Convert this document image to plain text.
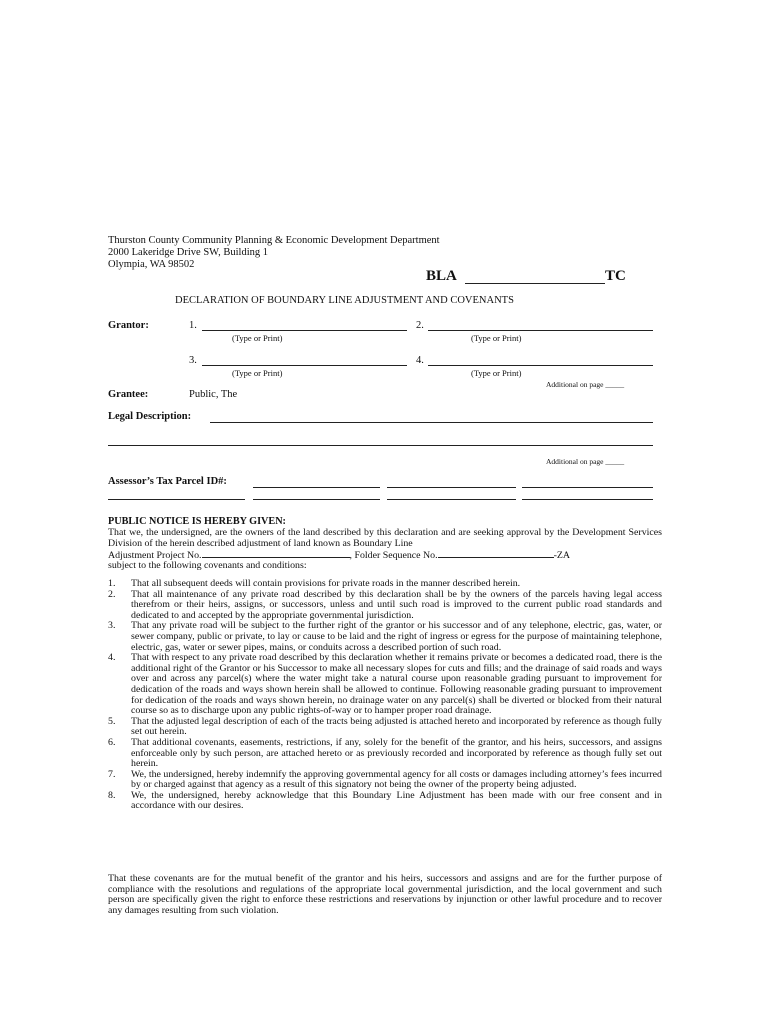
Thurston County Community Planning & Economic Development Department
2000 Lakeridge Drive SW, Building 1
Olympia, WA 98502
BLA	TC
DECLARATION OF BOUNDARY LINE ADJUSTMENT AND COVENANTS
Grantor:	1.
(Type or Print)
2.
(Type or Print)
3.
(Type or Print)
4.
(Type or Print)
Additional on page _____
Grantee:	Public, The
Legal Description:
Additional on page _____
Assessor’s Tax Parcel ID#:
PUBLIC NOTICE IS HEREBY GIVEN:

That we, the undersigned, are the owners of the land described by this declaration and are seeking approval by the Development Services Division of the herein described adjustment of land known as Boundary Line

Adjustment Project No.	, Folder Sequence No.	-ZA
subject to the following covenants and conditions:
1. That all subsequent deeds will contain provisions for private roads in the manner described herein.
2. That all maintenance of any private road described by this declaration shall be by the owners of the parcels having legal access therefrom or their heirs, assigns, or successors, unless and until such road is improved to the current public road standards and dedicated to and accepted by the appropriate governmental jurisdiction.
3. That any private road will be subject to the further right of the grantor or his successor and of any telephone, electric, gas, water, or sewer company, public or private, to lay or cause to be laid and the right of ingress or egress for the purpose of maintaining telephone, electric, gas, water or sewer pipes, mains, or conduits across a described portion of such road.
4. That with respect to any private road described by this declaration whether it remains private or becomes a dedicated road, there is the additional right of the Grantor or his Successor to make all necessary slopes for cuts and fills; and the drainage of said roads and ways over and across any parcel(s) where the water might take a natural course upon reasonable grading pursuant to improvement for dedication of the roads and ways shown herein shall be allowed to continue. Following reasonable grading pursuant to improvement for dedication of the roads and ways shown herein, no drainage water on any parcel(s) shall be diverted or blocked from their natural course so as to discharge upon any public rights-of-way or to hamper proper road drainage.
5. That the adjusted legal description of each of the tracts being adjusted is attached hereto and incorporated by reference as though fully set out herein.
6. That additional covenants, easements, restrictions, if any, solely for the benefit of the grantor, and his heirs, successors, and assigns enforceable only by such person, are attached hereto or as previously recorded and incorporated by reference as though fully set out herein.
7. We, the undersigned, hereby indemnify the approving governmental agency for all costs or damages including attorney’s fees incurred by or charged against that agency as a result of this signatory not being the owner of the property being adjusted.
8. We, the undersigned, hereby acknowledge that this Boundary Line Adjustment has been made with our free consent and in accordance with our desires.

That these covenants are for the mutual benefit of the grantor and his heirs, successors and assigns and are for the further purpose of compliance with the resolutions and regulations of the appropriate local governmental jurisdiction, and the local government and such person are specifically given the right to enforce these restrictions and reservations by injunction or other lawful procedure and to recover any damages resulting from such violation.
